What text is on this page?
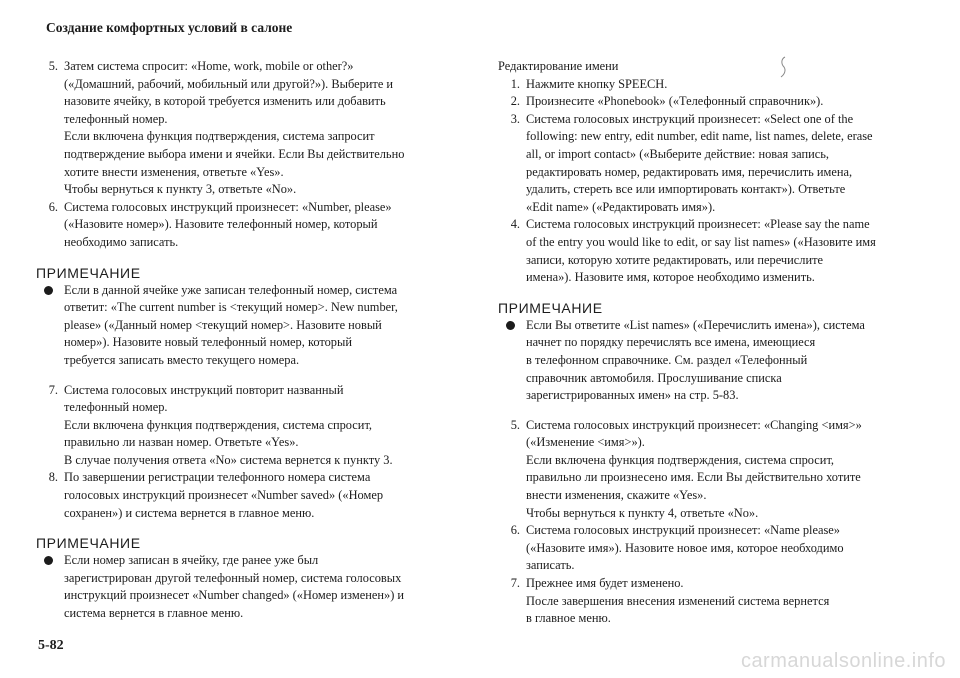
Создание комфортных условий в салоне
5. Затем система спросит: «Home, work, mobile or other?»
(«Домашний, рабочий, мобильный или другой?»). Выберите и
назовите ячейку, в которой требуется изменить или добавить
телефонный номер.
Если включена функция подтверждения, система запросит
подтверждение выбора имени и ячейки. Если Вы действительно
хотите внести изменения, ответьте «Yes».
Чтобы вернуться к пункту 3, ответьте «No».
6. Система голосовых инструкций произнесет: «Number, please»
(«Назовите номер»). Назовите телефонный номер, который
необходимо записать.
ПРИМЕЧАНИЕ
Если в данной ячейке уже записан телефонный номер, система
ответит: «The current number is <текущий номер>. New number,
please» («Данный номер <текущий номер>. Назовите новый
номер»). Назовите новый телефонный номер, который
требуется записать вместо текущего номера.
7. Система голосовых инструкций повторит названный
телефонный номер.
Если включена функция подтверждения, система спросит,
правильно ли назван номер. Ответьте «Yes».
В случае получения ответа «No» система вернется к пункту 3.
8. По завершении регистрации телефонного номера система
голосовых инструкций произнесет «Number saved» («Номер
сохранен») и система вернется в главное меню.
ПРИМЕЧАНИЕ
Если номер записан в ячейку, где ранее уже был
зарегистрирован другой телефонный номер, система голосовых
инструкций произнесет «Number changed» («Номер изменен») и
система вернется в главное меню.
Редактирование имени
1. Нажмите кнопку SPEECH.
2. Произнесите «Phonebook» («Телефонный справочник»).
3. Система голосовых инструкций произнесет: «Select one of the
following: new entry, edit number, edit name, list names, delete, erase
all, or import contact» («Выберите действие: новая запись,
редактировать номер, редактировать имя, перечислить имена,
удалить, стереть все или импортировать контакт»). Ответьте
«Edit name» («Редактировать имя»).
4. Система голосовых инструкций произнесет: «Please say the name
of the entry you would like to edit, or say list names» («Назовите имя
записи, которую хотите редактировать, или перечислите
имена»). Назовите имя, которое необходимо изменить.
ПРИМЕЧАНИЕ
Если Вы ответите «List names» («Перечислить имена»), система
начнет по порядку перечислять все имена, имеющиеся
в телефонном справочнике. См. раздел «Телефонный
справочник автомобиля. Прослушивание списка
зарегистрированных имен» на стр. 5-83.
5. Система голосовых инструкций произнесет: «Changing <имя>»
(«Изменение <имя>»).
Если включена функция подтверждения, система спросит,
правильно ли произнесено имя. Если Вы действительно хотите
внести изменения, скажите «Yes».
Чтобы вернуться к пункту 4, ответьте «No».
6. Система голосовых инструкций произнесет: «Name please»
(«Назовите имя»). Назовите новое имя, которое необходимо
записать.
7. Прежнее имя будет изменено.
После завершения внесения изменений система вернется
в главное меню.
5-82
carmanualsonline.info
